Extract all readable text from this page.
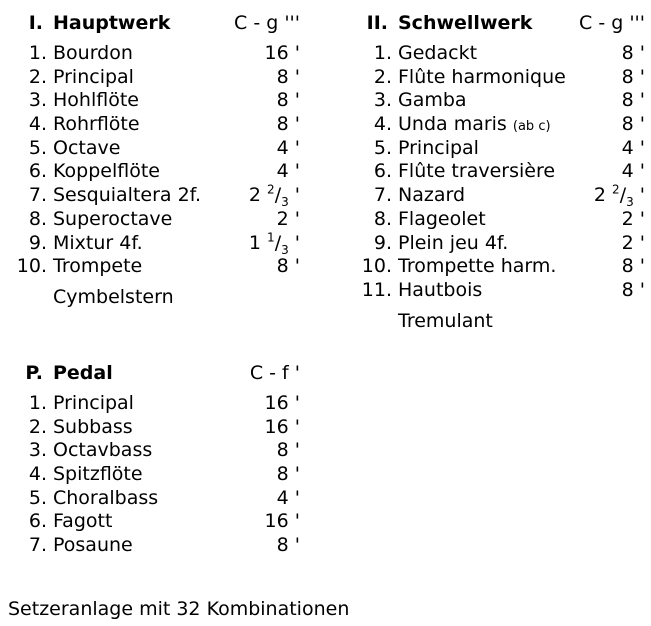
I. Hauptwerk	C - g '''
1. Bourdon	16 '
2. Principal	8 '
3. Hohlflöte	8 '
4. Rohrflöte	8 '
5. Octave	4 '
6. Koppelflöte	4 '
7. Sesquialtera 2f.	2 $^2/_3$ '
8. Superoctave	2 '
9. Mixtur 4f.	1 $^1/_3$ '
10. Trompete	8 '
Cymbelstern
II. Schwellwerk C - g '''
1. Gedackt	8 '
2. Flûte harmonique	8 '
3. Gamba	8 '
4. Unda maris (ab c)	8 '
5. Principal	4 '
6. Flûte traversière	4 '
7. Nazard	2 $^2/_3$ '
8. Flageolet	2 '
9. Plein jeu 4f.	2 '
10. Trompette harm.	8 '
11. Hautbois	8 '
Tremulant
P. Pedal	C - f '
1. Principal	16 '
2. Subbass	16 '
3. Octavbass	8 '
4. Spitzflöte	8 '
5. Choralbass	4 '
6. Fagott	16 '
7. Posaune	8 '
Setzeranlage mit 32 Kombinationen
